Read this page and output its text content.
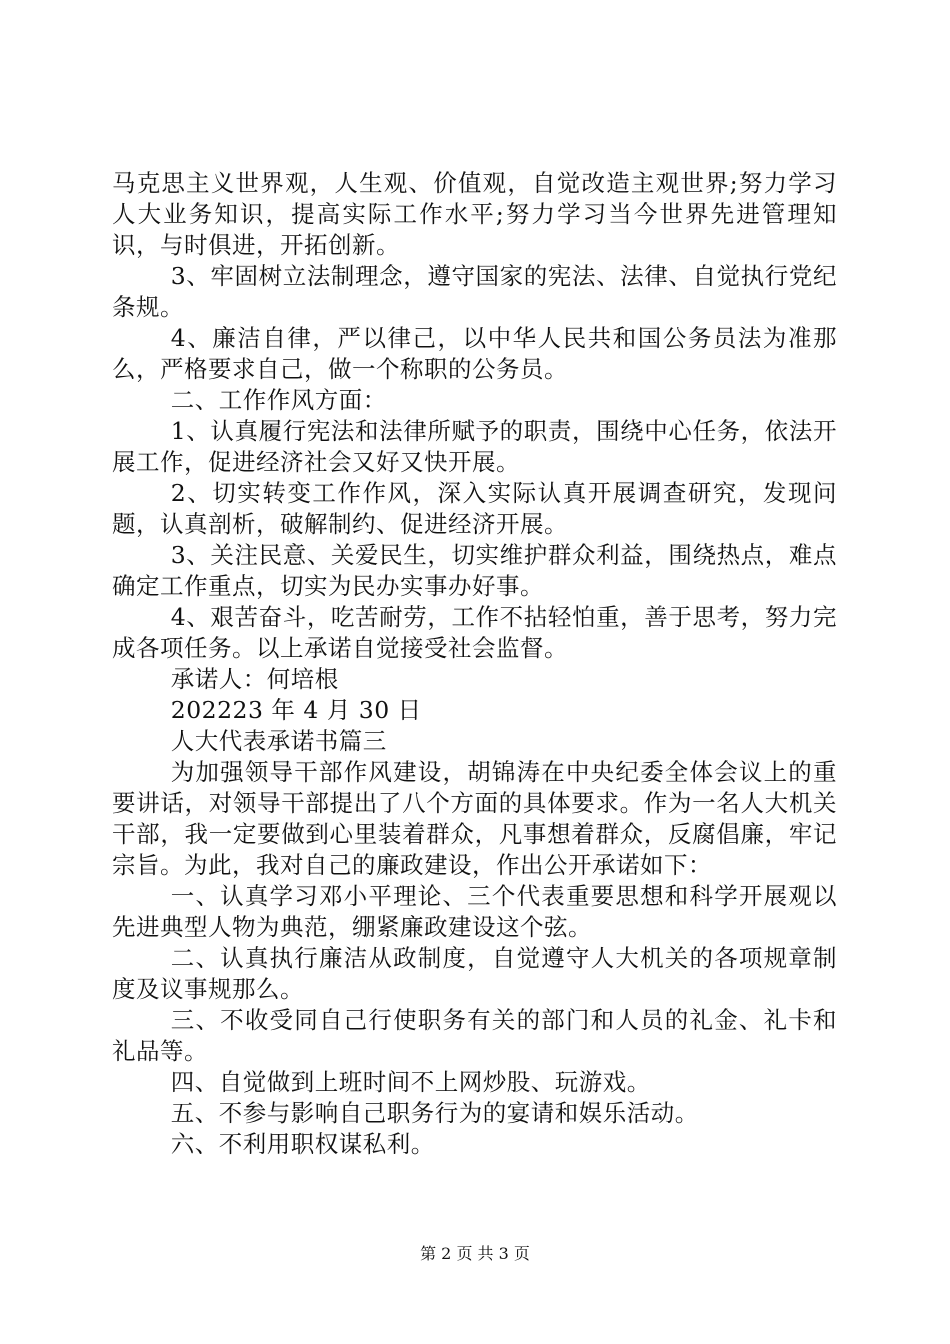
马克思主义世界观，人生观、价值观，自觉改造主观世界;努力学习人大业务知识，提高实际工作水平;努力学习当今世界先进管理知识，与时俱进，开拓创新。

3、牢固树立法制理念，遵守国家的宪法、法律、自觉执行党纪条规。

4、廉洁自律，严以律己，以中华人民共和国公务员法为准那么，严格要求自己，做一个称职的公务员。

二、工作作风方面：

1、认真履行宪法和法律所赋予的职责，围绕中心任务，依法开展工作，促进经济社会又好又快开展。

2、切实转变工作作风，深入实际认真开展调查研究，发现问题，认真剖析，破解制约、促进经济开展。

3、关注民意、关爱民生，切实维护群众利益，围绕热点，难点确定工作重点，切实为民办实事办好事。

4、艰苦奋斗，吃苦耐劳，工作不拈轻怕重，善于思考，努力完成各项任务。以上承诺自觉接受社会监督。

承诺人：何培根

202223 年 4 月 30 日

人大代表承诺书篇三

为加强领导干部作风建设，胡锦涛在中央纪委全体会议上的重要讲话，对领导干部提出了八个方面的具体要求。作为一名人大机关干部，我一定要做到心里装着群众，凡事想着群众，反腐倡廉，牢记宗旨。为此，我对自己的廉政建设，作出公开承诺如下：

一、认真学习邓小平理论、三个代表重要思想和科学开展观以先进典型人物为典范，绷紧廉政建设这个弦。

二、认真执行廉洁从政制度，自觉遵守人大机关的各项规章制度及议事规那么。

三、不收受同自己行使职务有关的部门和人员的礼金、礼卡和礼品等。

四、自觉做到上班时间不上网炒股、玩游戏。

五、不参与影响自己职务行为的宴请和娱乐活动。

六、不利用职权谋私利。

第 2 页 共 3 页
